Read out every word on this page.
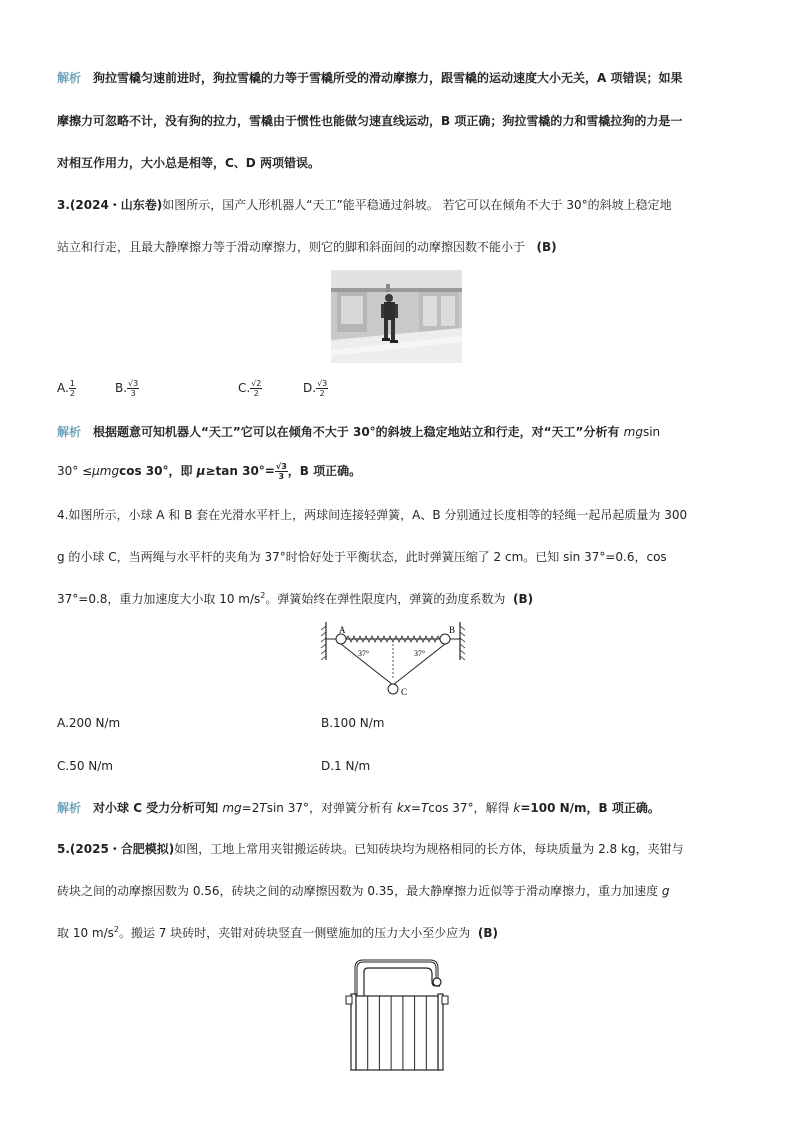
解析 狗拉雪橇匀速前进时，狗拉雪橇的力等于雪橇所受的滑动摩擦力，跟雪橇的运动速度大小无关，A 项错误；如果
摩擦力可忽略不计，没有狗的拉力，雪橇由于惯性也能做匀速直线运动，B 项正确；狗拉雪橇的力和雪橇拉狗的力是一
对相互作用力，大小总是相等，C、D 两项错误。
3.(2024・山东卷)如图所示，国产人形机器人“天工”能平稳通过斜坡。 若它可以在倾角不大于 30°的斜坡上稳定地
站立和行走，且最大静摩擦力等于滑动摩擦力，则它的脚和斜面间的动摩擦因数不能小于 (B)
A. $\frac{1}{2}$	B. $\frac{√3}{3}$	C. $\frac{√2}{2}$	D. $\frac{√3}{2}$
解析 根据题意可知机器人“天工”它可以在倾角不大于 30°的斜坡上稳定地站立和行走，对“天工”分析有 mgsin
30° ≤μmgcos 30°，即 μ≥tan $30^\circ= \frac{√3}{3}$ ，B 项正确。
4.如图所示，小球 A 和 B 套在光滑水平杆上，两球间连接轻弹簧，A、B 分别通过长度相等的轻绳一起吊起质量为 300
g 的小球 C，当两绳与水平杆的夹角为 37°时恰好处于平衡状态，此时弹簧压缩了 2 cm。已知 sin 37°=0.6，cos
37°=0.8，重力加速度大小取 10 $m/s^2$。弹簧始终在弹性限度内，弹簧的劲度系数为 (B)
A	B
C
37°	37°
A.200 N/m	B.100 N/m
C.50 N/m	D.1 N/m
解析 对小球 C 受力分析可知 mg=2Tsin 37°，对弹簧分析有 kx=Tcos 37°，解得 k=100 N/m，B 项正确。
5.(2025・合肥模拟)如图，工地上常用夹钳搬运砖块。已知砖块均为规格相同的长方体，每块质量为 2.8 kg，夹钳与
砖块之间的动摩擦因数为 0.56，砖块之间的动摩擦因数为 0.35，最大静摩擦力近似等于滑动摩擦力，重力加速度 g
取 10 $m/s^2$。搬运 7 块砖时，夹钳对砖块竖直一侧壁施加的压力大小至少应为 (B)
